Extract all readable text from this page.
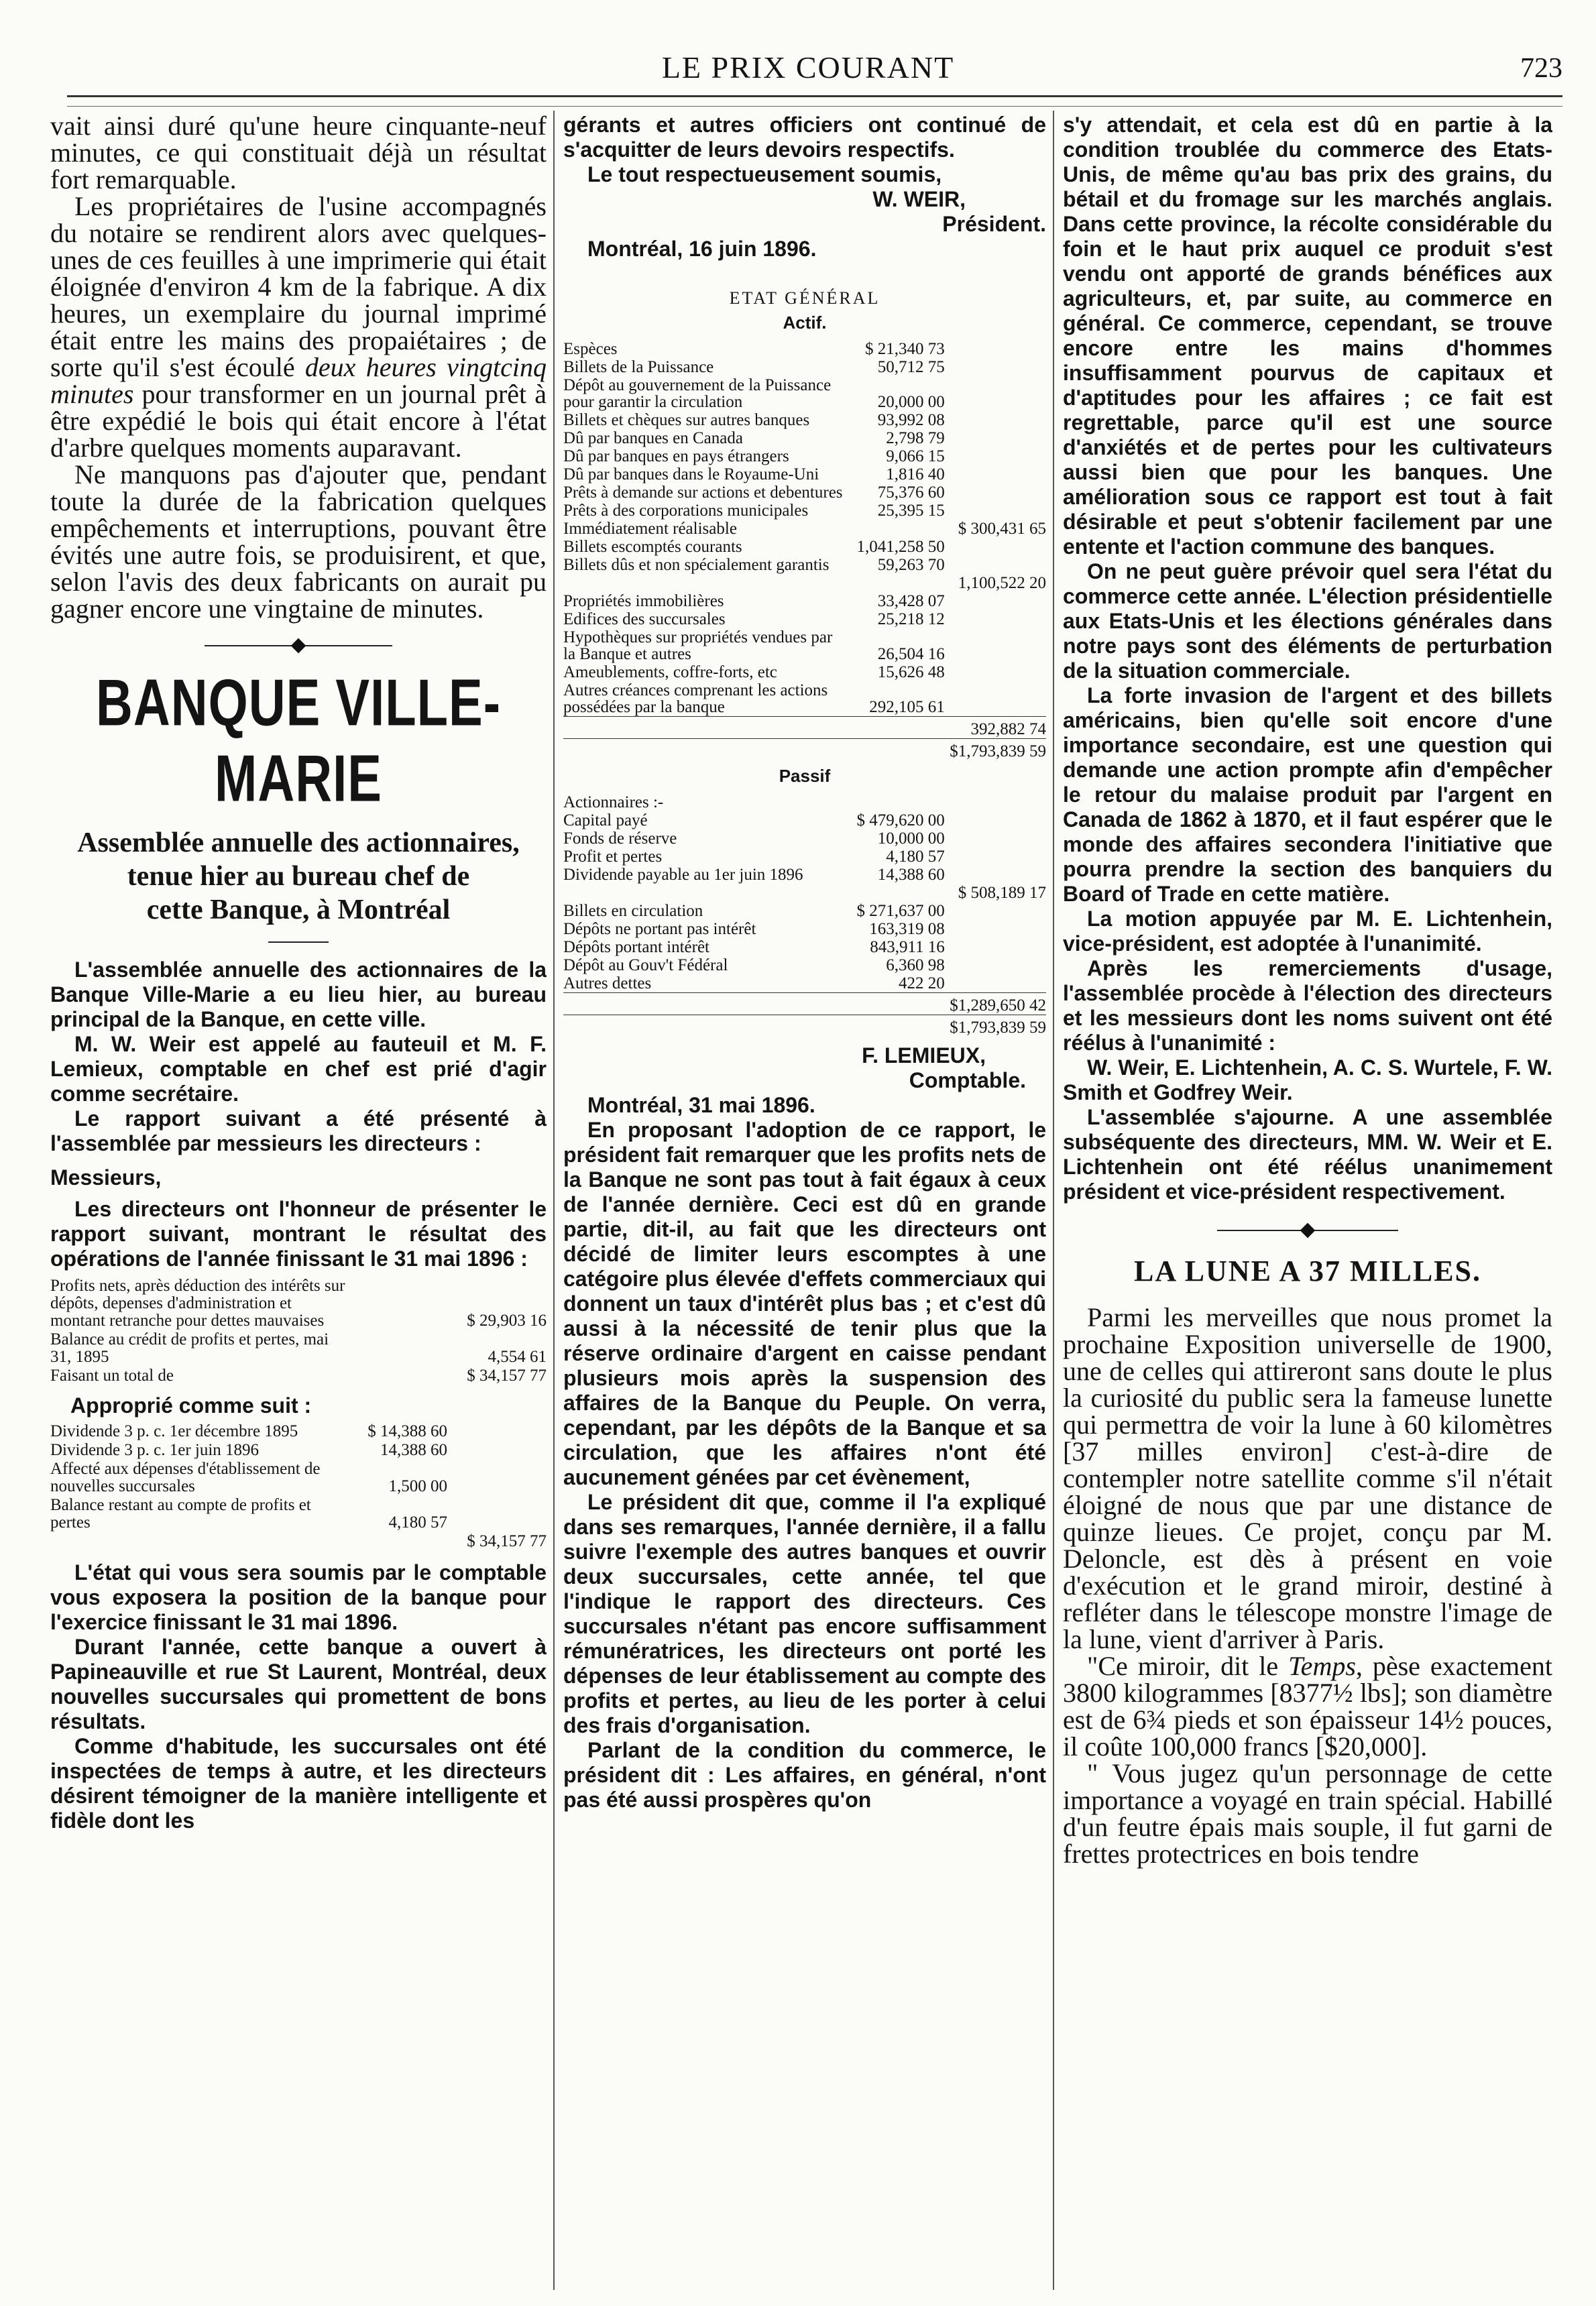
LE PRIX COURANT	723

vait ainsi duré qu'une heure cinquante-neuf minutes, ce qui constituait déjà un résultat fort remarquable.

Les propriétaires de l'usine accompagnés du notaire se rendirent alors avec quelques-unes de ces feuilles à une imprimerie qui était éloignée d'environ 4 km de la fabrique. A dix heures, un exemplaire du journal imprimé était entre les mains des propaiétaires ; de sorte qu'il s'est écoulé deux heures vingtcinq minutes pour transformer en un journal prêt à être expédié le bois qui était encore à l'état d'arbre quelques moments auparavant.

Ne manquons pas d'ajouter que, pendant toute la durée de la fabrication quelques empêchements et interruptions, pouvant être évités une autre fois, se produisirent, et que, selon l'avis des deux fabricants on aurait pu gagner encore une vingtaine de minutes.

BANQUE VILLE-MARIE
Assemblée annuelle des actionnaires,
tenue hier au bureau chef de
cette Banque, à Montréal

L'assemblée annuelle des actionnaires de la Banque Ville-Marie a eu lieu hier, au bureau principal de la Banque, en cette ville.

M. W. Weir est appelé au fauteuil et M. F. Lemieux, comptable en chef est prié d'agir comme secrétaire.

Le rapport suivant a été présenté à l'assemblée par messieurs les directeurs :

Messieurs,

Les directeurs ont l'honneur de présenter le rapport suivant, montrant le résultat des opérations de l'année finissant le 31 mai 1896 :

Profits nets, après déduction des intérêts sur dépôts, depenses d'administration et montant retranche pour dettes mauvaises		$ 29,903 16
Balance au crédit de profits et pertes, mai 31, 1895		4,554 61
Faisant un total de		$ 34,157 77

Approprié comme suit :

Dividende 3 p. c. 1er décembre 1895	$ 14,388 60	
Dividende 3 p. c. 1er juin 1896	14,388 60	
Affecté aux dépenses d'établissement de nouvelles succursales	1,500 00	
Balance restant au compte de profits et pertes	4,180 57	
		$ 34,157 77

L'état qui vous sera soumis par le comptable vous exposera la position de la banque pour l'exercice finissant le 31 mai 1896.

Durant l'année, cette banque a ouvert à Papineauville et rue St Laurent, Montréal, deux nouvelles succursales qui promettent de bons résultats.

Comme d'habitude, les succursales ont été inspectées de temps à autre, et les directeurs désirent témoigner de la manière intelligente et fidèle dont les

gérants et autres officiers ont continué de s'acquitter de leurs devoirs respectifs.

Le tout respectueusement soumis,

W. WEIR,

Président.

Montréal, 16 juin 1896.

ETAT GÉNÉRAL
Actif.
Espèces	$ 21,340 73	
Billets de la Puissance	50,712 75	
Dépôt au gouvernement de la Puissance pour garantir la circulation	20,000 00	
Billets et chèques sur autres banques	93,992 08	
Dû par banques en Canada	2,798 79	
Dû par banques en pays étrangers	9,066 15	
Dû par banques dans le Royaume-Uni	1,816 40	
Prêts à demande sur actions et debentures	75,376 60	
Prêts à des corporations municipales	25,395 15	
Immédiatement réalisable		$ 300,431 65
Billets escomptés courants	1,041,258 50	
Billets dûs et non spécialement garantis	59,263 70	
		1,100,522 20
Propriétés immobilières	33,428 07	
Edifices des succursales	25,218 12	
Hypothèques sur propriétés vendues par la Banque et autres	26,504 16	
Ameublements, coffre-forts, etc	15,626 48	
Autres créances comprenant les actions possédées par la banque	292,105 61	
		392,882 74
		$1,793,839 59
Passif
Actionnaires :-		
Capital payé	$ 479,620 00	
Fonds de réserve	10,000 00	
Profit et pertes	4,180 57	
Dividende payable au 1er juin 1896	14,388 60	
		$ 508,189 17
Billets en circulation	$ 271,637 00	
Dépôts ne portant pas intérêt	163,319 08	
Dépôts portant intérêt	843,911 16	
Dépôt au Gouv't Fédéral	6,360 98	
Autres dettes	422 20	
		$1,289,650 42
		$1,793,839 59

F. LEMIEUX,

Comptable.

Montréal, 31 mai 1896.

En proposant l'adoption de ce rapport, le président fait remarquer que les profits nets de la Banque ne sont pas tout à fait égaux à ceux de l'année dernière. Ceci est dû en grande partie, dit-il, au fait que les directeurs ont décidé de limiter leurs escomptes à une catégoire plus élevée d'effets commerciaux qui donnent un taux d'intérêt plus bas ; et c'est dû aussi à la nécessité de tenir plus que la réserve ordinaire d'argent en caisse pendant plusieurs mois après la suspension des affaires de la Banque du Peuple. On verra, cependant, par les dépôts de la Banque et sa circulation, que les affaires n'ont été aucunement génées par cet évènement,

Le président dit que, comme il l'a expliqué dans ses remarques, l'année dernière, il a fallu suivre l'exemple des autres banques et ouvrir deux succursales, cette année, tel que l'indique le rapport des directeurs. Ces succursales n'étant pas encore suffisamment rémunératrices, les directeurs ont porté les dépenses de leur établissement au compte des profits et pertes, au lieu de les porter à celui des frais d'organisation.

Parlant de la condition du commerce, le président dit : Les affaires, en général, n'ont pas été aussi prospères qu'on

s'y attendait, et cela est dû en partie à la condition troublée du commerce des Etats-Unis, de même qu'au bas prix des grains, du bétail et du fromage sur les marchés anglais. Dans cette province, la récolte considérable du foin et le haut prix auquel ce produit s'est vendu ont apporté de grands bénéfices aux agriculteurs, et, par suite, au commerce en général. Ce commerce, cependant, se trouve encore entre les mains d'hommes insuffisamment pourvus de capitaux et d'aptitudes pour les affaires ; ce fait est regrettable, parce qu'il est une source d'anxiétés et de pertes pour les cultivateurs aussi bien que pour les banques. Une amélioration sous ce rapport est tout à fait désirable et peut s'obtenir facilement par une entente et l'action commune des banques.

On ne peut guère prévoir quel sera l'état du commerce cette année. L'élection présidentielle aux Etats-Unis et les élections générales dans notre pays sont des éléments de perturbation de la situation commerciale.

La forte invasion de l'argent et des billets américains, bien qu'elle soit encore d'une importance secondaire, est une question qui demande une action prompte afin d'empêcher le retour du malaise produit par l'argent en Canada de 1862 à 1870, et il faut espérer que le monde des affaires secondera l'initiative que pourra prendre la section des banquiers du Board of Trade en cette matière.

La motion appuyée par M. E. Lichtenhein, vice-président, est adoptée à l'unanimité.

Après les remerciements d'usage, l'assemblée procède à l'élection des directeurs et les messieurs dont les noms suivent ont été réélus à l'unanimité :

W. Weir, E. Lichtenhein, A. C. S. Wurtele, F. W. Smith et Godfrey Weir.

L'assemblée s'ajourne. A une assemblée subséquente des directeurs, MM. W. Weir et E. Lichtenhein ont été réélus unanimement président et vice-président respectivement.

LA LUNE A 37 MILLES.

Parmi les merveilles que nous promet la prochaine Exposition universelle de 1900, une de celles qui attireront sans doute le plus la curiosité du public sera la fameuse lunette qui permettra de voir la lune à 60 kilomètres [37 milles environ] c'est-à-dire de contempler notre satellite comme s'il n'était éloigné de nous que par une distance de quinze lieues. Ce projet, conçu par M. Deloncle, est dès à présent en voie d'exécution et le grand miroir, destiné à refléter dans le télescope monstre l'image de la lune, vient d'arriver à Paris.

"Ce miroir, dit le Temps, pèse exactement 3800 kilogrammes [8377½ lbs]; son diamètre est de 6¾ pieds et son épaisseur 14½ pouces, il coûte 100,000 francs [$20,000].

" Vous jugez qu'un personnage de cette importance a voyagé en train spécial. Habillé d'un feutre épais mais souple, il fut garni de frettes protectrices en bois tendre
